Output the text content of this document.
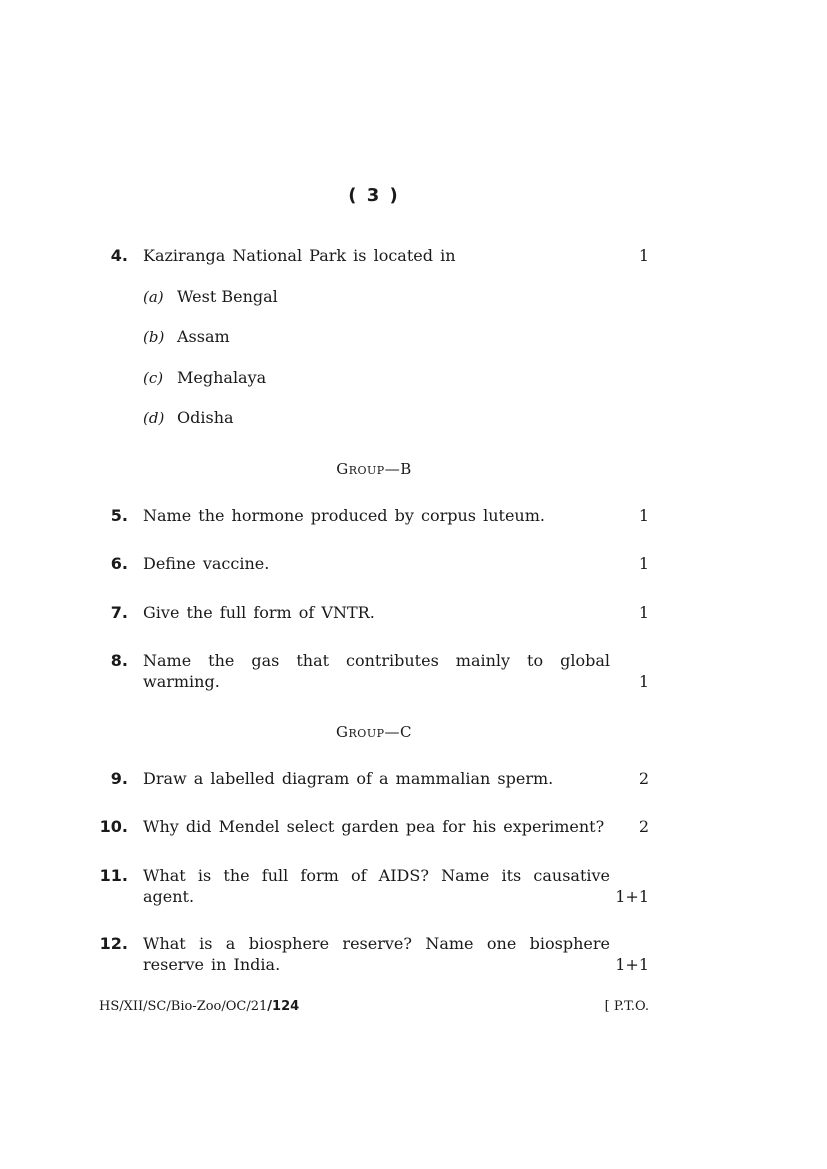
( 3 )
4. Kaziranga National Park is located in	1
(a) West Bengal
(b) Assam
(c) Meghalaya
(d) Odisha
Group—B
5. Name the hormone produced by corpus luteum.	1
6. Define vaccine.	1
7. Give the full form of VNTR.	1
8. Name the gas that contributes mainly to global warming.	1
Group—C
9. Draw a labelled diagram of a mammalian sperm.	2
10. Why did Mendel select garden pea for his experiment?	2
11. What is the full form of AIDS? Name its causative agent.	1+1
12. What is a biosphere reserve? Name one biosphere reserve in India.	1+1
HS/XII/SC/Bio-Zoo/OC/21/124	[ P.T.O.
